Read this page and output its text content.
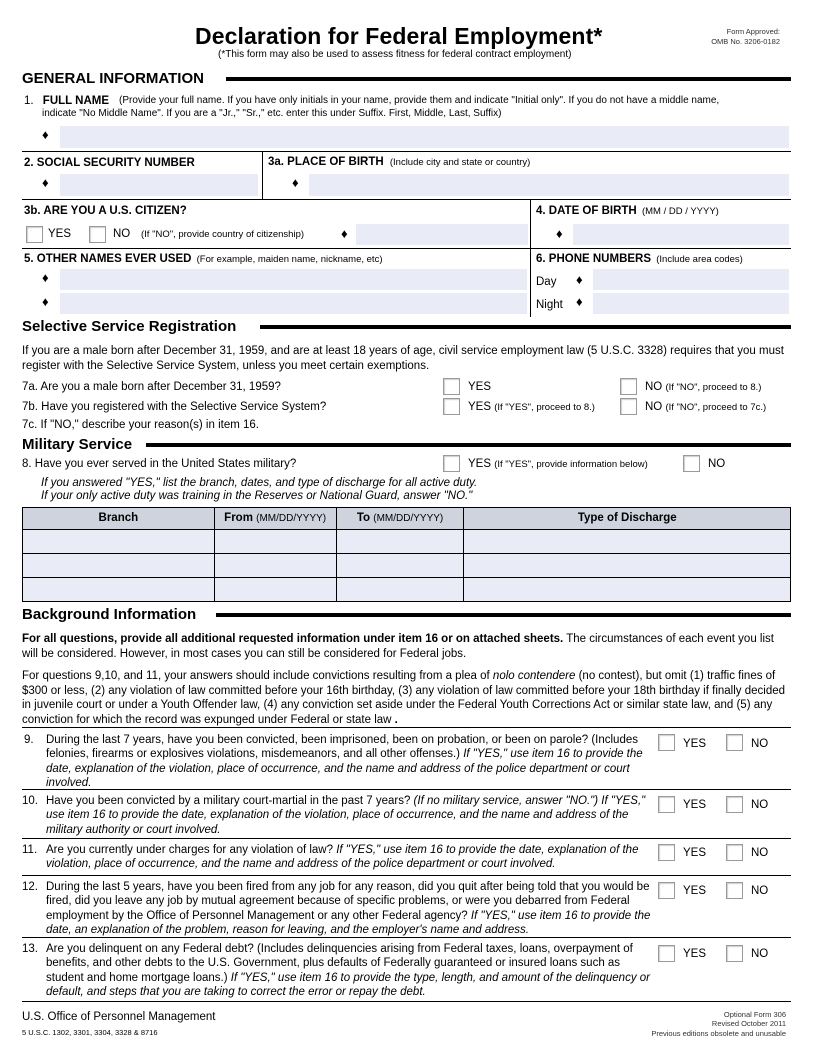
Declaration for Federal Employment*
(*This form may also be used to assess fitness for federal contract employment)
Form Approved:
OMB No. 3206-0182
GENERAL INFORMATION
1. FULL NAME (Provide your full name. If you have only initials in your name, provide them and indicate "Initial only". If you do not have a middle name,
indicate "No Middle Name". If you are a "Jr.," "Sr.," etc. enter this under Suffix. First, Middle, Last, Suffix)
♦
2. SOCIAL SECURITY NUMBER
♦
3a. PLACE OF BIRTH (Include city and state or country)
♦
3b. ARE YOU A U.S. CITIZEN?
YES	NO (If "NO", provide country of citizenship)	♦
4. DATE OF BIRTH (MM / DD / YYYY)
♦
5. OTHER NAMES EVER USED (For example, maiden name, nickname, etc)
♦
♦
6. PHONE NUMBERS (Include area codes)
Day ♦
Night ♦
Selective Service Registration
If you are a male born after December 31, 1959, and are at least 18 years of age, civil service employment law (5 U.S.C. 3328) requires that you must register with the Selective Service System, unless you meet certain exemptions.
7a. Are you a male born after December 31, 1959?	YES	NO (If "NO", proceed to 8.)
7b. Have you registered with the Selective Service System?	YES (If "YES", proceed to 8.)	NO (If "NO", proceed to 7c.)
7c. If "NO," describe your reason(s) in item 16.
Military Service
8. Have you ever served in the United States military?	YES (If "YES", provide information below)	NO
If you answered "YES," list the branch, dates, and type of discharge for all active duty.
If your only active duty was training in the Reserves or National Guard, answer "NO."
Branch	From (MM/DD/YYYY)	To (MM/DD/YYYY)	Type of Discharge

Background Information
For all questions, provide all additional requested information under item 16 or on attached sheets. The circumstances of each event you list will be considered. However, in most cases you can still be considered for Federal jobs.
For questions 9,10, and 11, your answers should include convictions resulting from a plea of nolo contendere (no contest), but omit (1) traffic fines of $300 or less, (2) any violation of law committed before your 16th birthday, (3) any violation of law committed before your 18th birthday if finally decided in juvenile court or under a Youth Offender law, (4) any conviction set aside under the Federal Youth Corrections Act or similar state law, and (5) any conviction for which the record was expunged under Federal or state law .
9. During the last 7 years, have you been convicted, been imprisoned, been on probation, or been on parole? (Includes felonies, firearms or explosives violations, misdemeanors, and all other offenses.) If "YES," use item 16 to provide the date, explanation of the violation, place of occurrence, and the name and address of the police department or court involved.
YES	NO
10. Have you been convicted by a military court-martial in the past 7 years? (If no military service, answer "NO.") If "YES," use item 16 to provide the date, explanation of the violation, place of occurrence, and the name and address of the military authority or court involved.
YES	NO
11. Are you currently under charges for any violation of law? If "YES," use item 16 to provide the date, explanation of the violation, place of occurrence, and the name and address of the police department or court involved.
YES	NO
12. During the last 5 years, have you been fired from any job for any reason, did you quit after being told that you would be fired, did you leave any job by mutual agreement because of specific problems, or were you debarred from Federal employment by the Office of Personnel Management or any other Federal agency? If "YES," use item 16 to provide the date, an explanation of the problem, reason for leaving, and the employer's name and address.
YES	NO
13. Are you delinquent on any Federal debt? (Includes delinquencies arising from Federal taxes, loans, overpayment of benefits, and other debts to the U.S. Government, plus defaults of Federally guaranteed or insured loans such as student and home mortgage loans.) If "YES," use item 16 to provide the type, length, and amount of the delinquency or default, and steps that you are taking to correct the error or repay the debt.
YES	NO
U.S. Office of Personnel Management
5 U.S.C. 1302, 3301, 3304, 3328 & 8716
Optional Form 306
Revised October 2011
Previous editions obsolete and unusable
